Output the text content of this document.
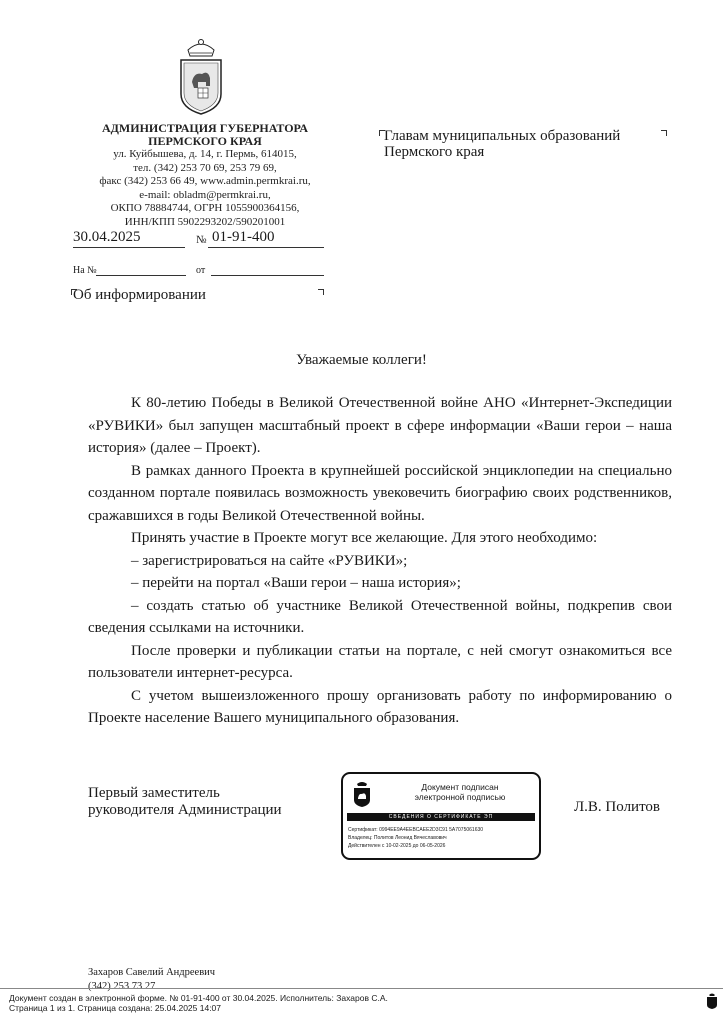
АДМИНИСТРАЦИЯ ГУБЕРНАТОРА
ПЕРМСКОГО КРАЯ
ул. Куйбышева, д. 14, г. Пермь, 614015,
тел. (342) 253 70 69, 253 79 69,
факс (342) 253 66 49, www.admin.permkrai.ru,
e-mail: obladm@permkrai.ru,
ОКПО 78884744, ОГРН 1055900364156,
ИНН/КПП 5902293202/590201001
30.04.2025	№ 01-91-400
На №	от
Главам муниципальных образований
Пермского края
Об информировании
Уважаемые коллеги!

К 80-летию Победы в Великой Отечественной войне АНО «Интернет-Экспедиции «РУВИКИ» был запущен масштабный проект в сфере информации «Ваши герои – наша история» (далее – Проект).

В рамках данного Проекта в крупнейшей российской энциклопедии на специально созданном портале появилась возможность увековечить биографию своих родственников, сражавшихся в годы Великой Отечественной войны.

Принять участие в Проекте могут все желающие. Для этого необходимо:

– зарегистрироваться на сайте «РУВИКИ»;

– перейти на портал «Ваши герои – наша история»;

– создать статью об участнике Великой Отечественной войны, подкрепив свои сведения ссылками на источники.

После проверки и публикации статьи на портале, с ней смогут ознакомиться все пользователи интернет-ресурса.

С учетом вышеизложенного прошу организовать работу по информированию о Проекте население Вашего муниципального образования.

Первый заместитель
руководителя Администрации	Л.В. Политов
Документ подписан
электронной подписью
СВЕДЕНИЯ О СЕРТИФИКАТЕ ЭП
Сертификат: 0994EE9A4EEBCAEE2D3C91 5A7075061630
Владелец: Политов Леонид Вячеславович
Действителен с 10-02-2025 до 06-05-2026
Захаров Савелий Андреевич
(342) 253 73 27
Документ создан в электронной форме. № 01-91-400 от 30.04.2025. Исполнитель: Захаров С.А.
Страница 1 из 1. Страница создана: 25.04.2025 14:07
